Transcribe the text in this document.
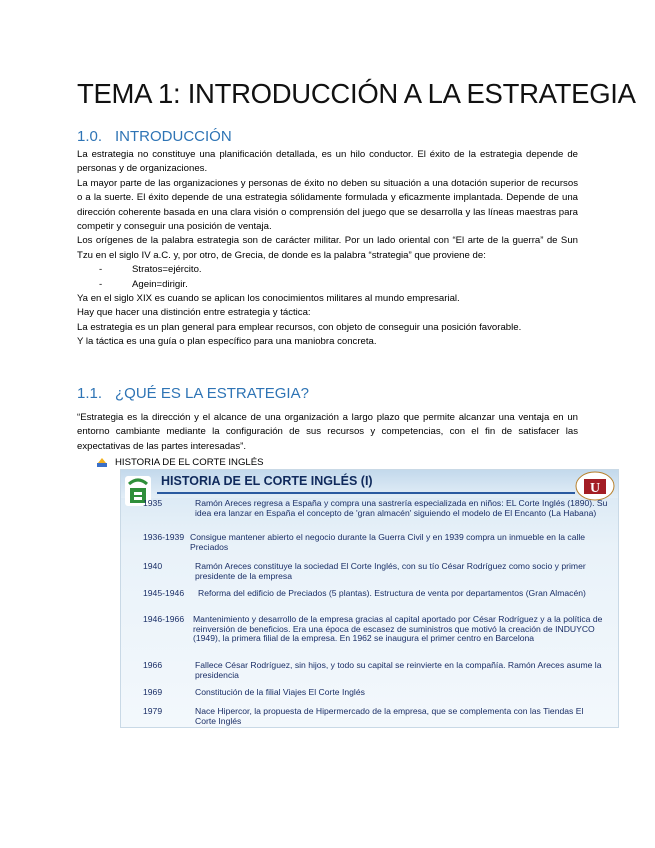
TEMA 1: INTRODUCCIÓN A LA ESTRATEGIA
1.0. INTRODUCCIÓN

La estrategia no constituye una planificación detallada, es un hilo conductor. El éxito de la estrategia depende de personas y de organizaciones.

La mayor parte de las organizaciones y personas de éxito no deben su situación a una dotación superior de recursos o a la suerte. El éxito depende de una estrategia sólidamente formulada y eficazmente implantada. Depende de una dirección coherente basada en una clara visión o comprensión del juego que se desarrolla y las líneas maestras para competir y conseguir una posición de ventaja.

Los orígenes de la palabra estrategia son de carácter militar. Por un lado oriental con “El arte de la guerra” de Sun Tzu en el siglo IV a.C. y, por otro, de Grecia, de donde es la palabra “strategia” que proviene de:

- Stratos=ejército.
- Agein=dirigir.

Ya en el siglo XIX es cuando se aplican los conocimientos militares al mundo empresarial.

Hay que hacer una distinción entre estrategia y táctica:

La estrategia es un plan general para emplear recursos, con objeto de conseguir una posición favorable.

Y la táctica es una guía o plan específico para una maniobra concreta.

1.1. ¿QUÉ ES LA ESTRATEGIA?

“Estrategia es la dirección y el alcance de una organización a largo plazo que permite alcanzar una ventaja en un entorno cambiante mediante la configuración de sus recursos y competencias, con el fin de satisfacer las expectativas de las partes interesadas”.

HISTORIA DE EL CORTE INGLÉS
HISTORIA DE EL CORTE INGLÉS (I)	U
1935	Ramón Areces regresa a España y compra una sastrería especializada en niños: EL Corte Inglés (1890). Su idea era lanzar en España el concepto de 'gran almacén' siguiendo el modelo de El Encanto (La Habana)
1936-1939 Consigue mantener abierto el negocio durante la Guerra Civil y en 1939 compra un inmueble en la calle Preciados
1940	Ramón Areces constituye la sociedad El Corte Inglés, con su tío César Rodríguez como socio y primer presidente de la empresa
1945-1946 Reforma del edificio de Preciados (5 plantas). Estructura de venta por departamentos (Gran Almacén)
1946-1966 Mantenimiento y desarrollo de la empresa gracias al capital aportado por César Rodríguez y a la política de reinversión de beneficios. Era una época de escasez de suministros que motivó la creación de INDUYCO (1949), la primera filial de la empresa. En 1962 se inaugura el primer centro en Barcelona
1966	Fallece César Rodríguez, sin hijos, y todo su capital se reinvierte en la compañía. Ramón Areces asume la presidencia
1969	Constitución de la filial Viajes El Corte Inglés
1979	Nace Hipercor, la propuesta de Hipermercado de la empresa, que se complementa con las Tiendas El Corte Inglés
